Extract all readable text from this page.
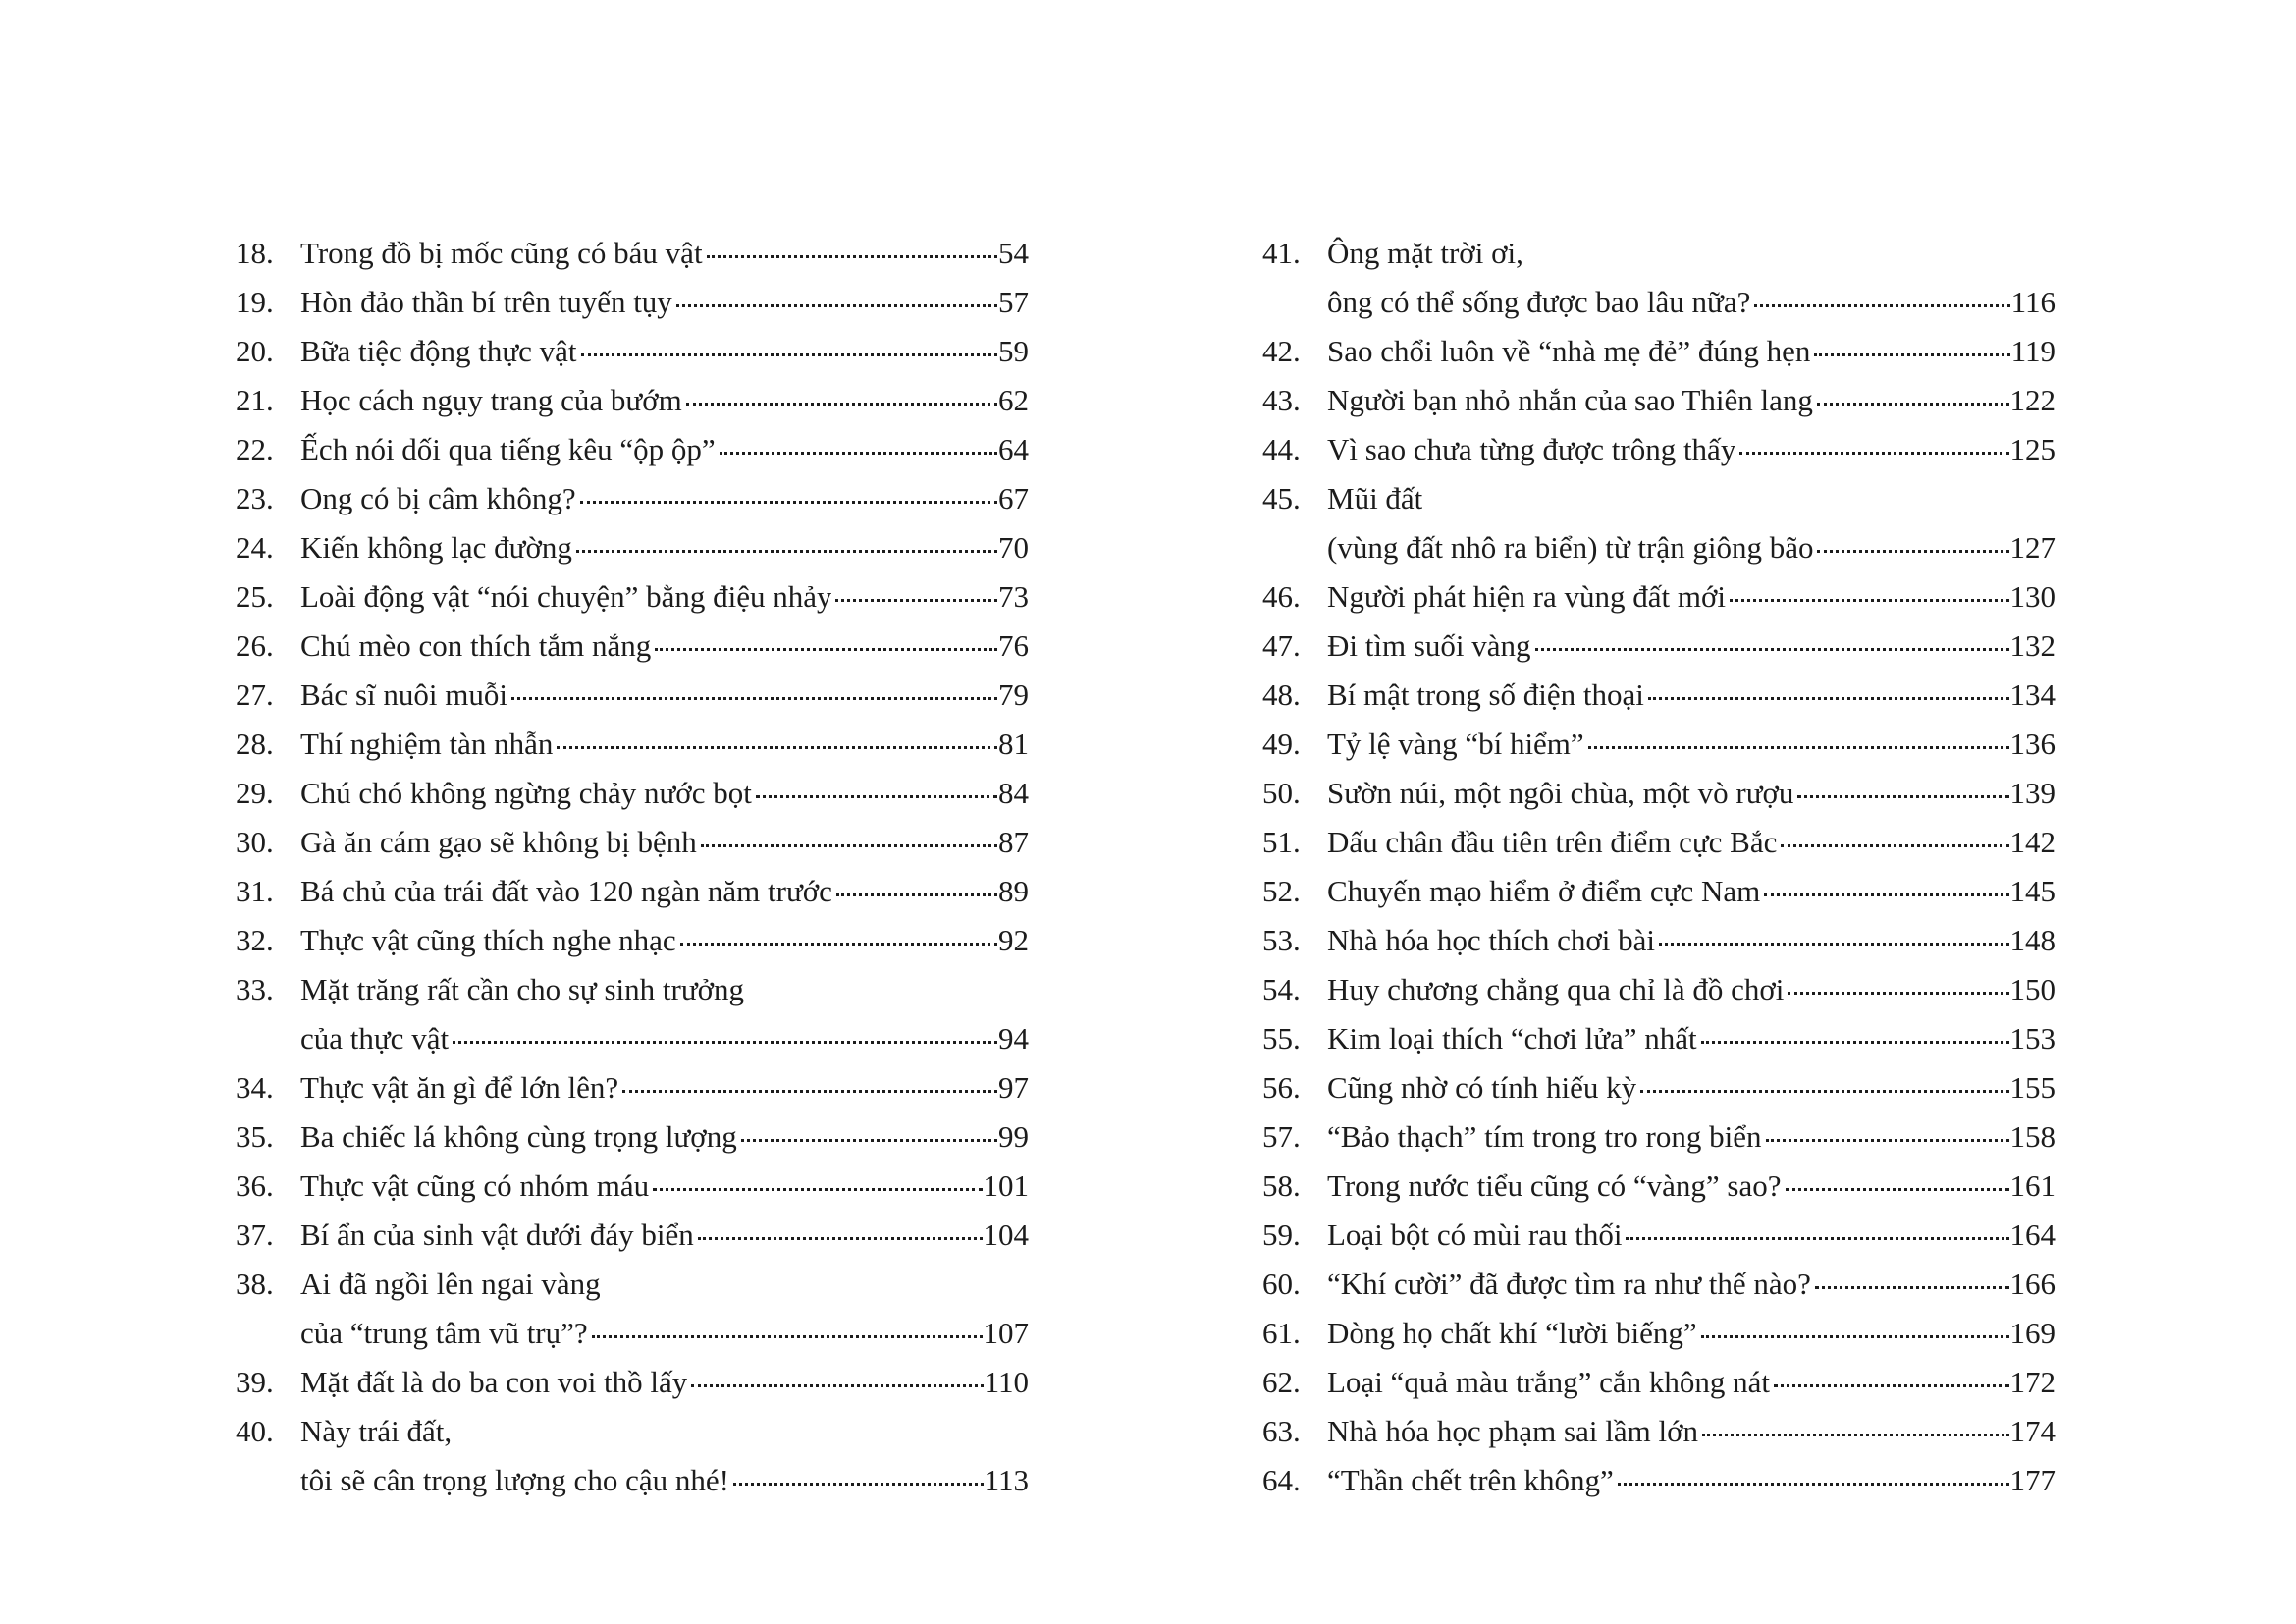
18. Trong đồ bị mốc cũng có báu vật	54
19. Hòn đảo thần bí trên tuyến tụy	57
20. Bữa tiệc động thực vật	59
21. Học cách ngụy trang của bướm	62
22. Ếch nói dối qua tiếng kêu “ộp ộp”	64
23. Ong có bị câm không?	67
24. Kiến không lạc đường	70
25. Loài động vật “nói chuyện” bằng điệu nhảy	73
26. Chú mèo con thích tắm nắng	76
27. Bác sĩ nuôi muỗi	79
28. Thí nghiệm tàn nhẫn	81
29. Chú chó không ngừng chảy nước bọt	84
30. Gà ăn cám gạo sẽ không bị bệnh	87
31. Bá chủ của trái đất vào 120 ngàn năm trước	89
32. Thực vật cũng thích nghe nhạc	92
33. Mặt trăng rất cần cho sự sinh trưởng
của thực vật	94
34. Thực vật ăn gì để lớn lên?	97
35. Ba chiếc lá không cùng trọng lượng	99
36. Thực vật cũng có nhóm máu	101
37. Bí ẩn của sinh vật dưới đáy biển	104
38. Ai đã ngồi lên ngai vàng
của “trung tâm vũ trụ”?	107
39. Mặt đất là do ba con voi thồ lấy	110
40. Này trái đất,
tôi sẽ cân trọng lượng cho cậu nhé!	113
41. Ông mặt trời ơi,
ông có thể sống được bao lâu nữa?	116
42. Sao chổi luôn về “nhà mẹ đẻ” đúng hẹn	119
43. Người bạn nhỏ nhắn của sao Thiên lang	122
44. Vì sao chưa từng được trông thấy	125
45. Mũi đất
(vùng đất nhô ra biển) từ trận giông bão	127
46. Người phát hiện ra vùng đất mới	130
47. Đi tìm suối vàng	132
48. Bí mật trong số điện thoại	134
49. Tỷ lệ vàng “bí hiểm”	136
50. Sườn núi, một ngôi chùa, một vò rượu	139
51. Dấu chân đầu tiên trên điểm cực Bắc	142
52. Chuyến mạo hiểm ở điểm cực Nam	145
53. Nhà hóa học thích chơi bài	148
54. Huy chương chẳng qua chỉ là đồ chơi	150
55. Kim loại thích “chơi lửa” nhất	153
56. Cũng nhờ có tính hiếu kỳ	155
57. “Bảo thạch” tím trong tro rong biển	158
58. Trong nước tiểu cũng có “vàng” sao?	161
59. Loại bột có mùi rau thối	164
60. “Khí cười” đã được tìm ra như thế nào?	166
61. Dòng họ chất khí “lười biếng”	169
62. Loại “quả màu trắng” cắn không nát	172
63. Nhà hóa học phạm sai lầm lớn	174
64. “Thần chết trên không”	177
